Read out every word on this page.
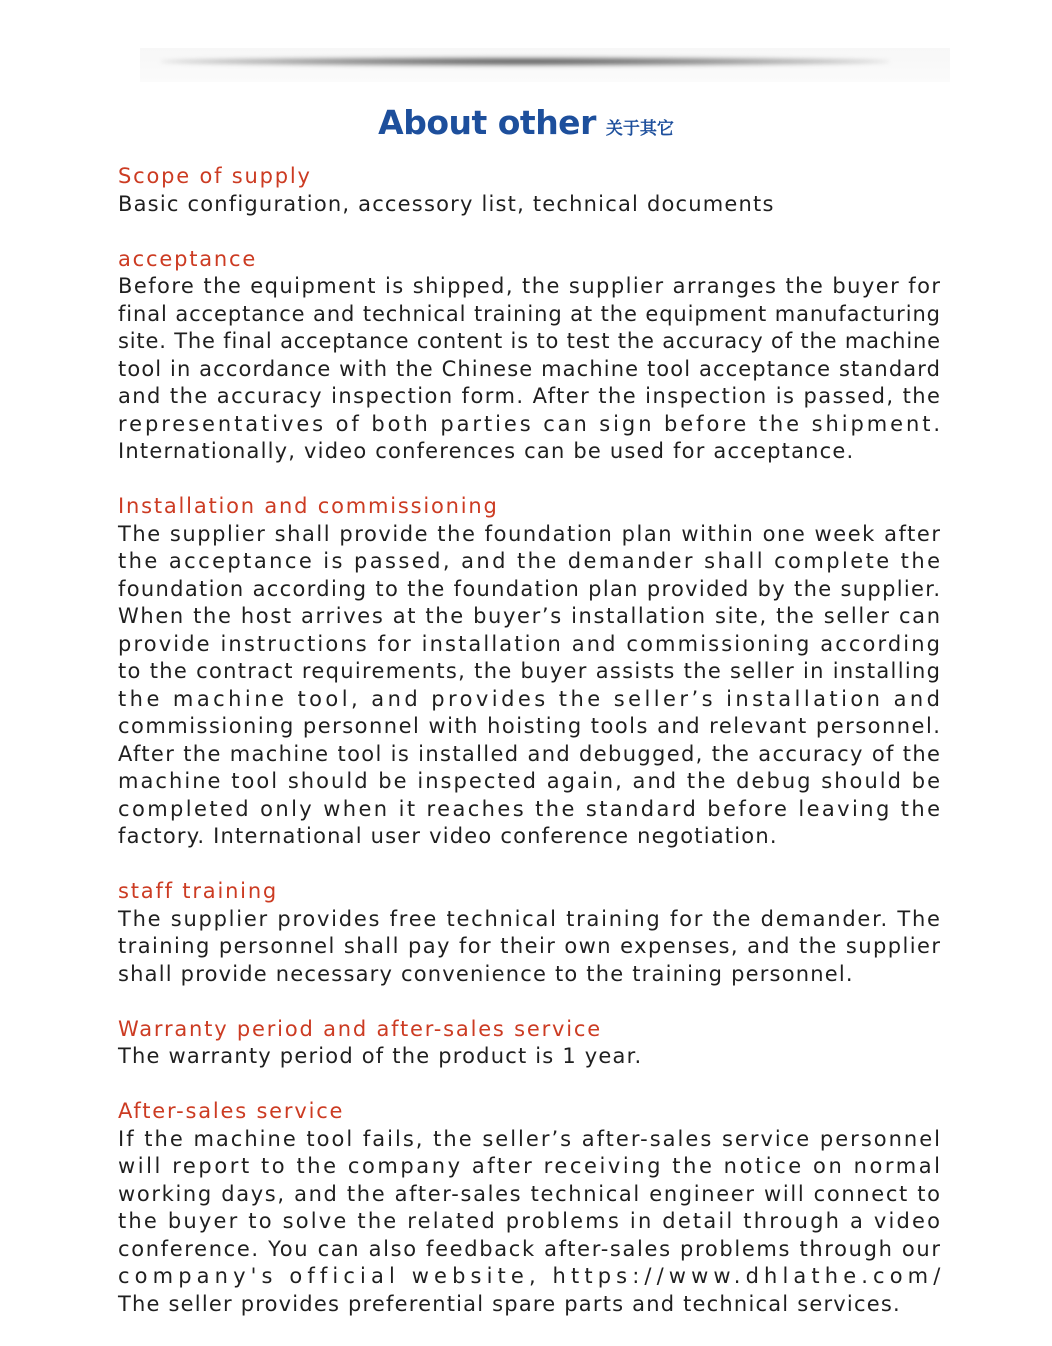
About other 关于其它
Scope of supply
Basic configuration, accessory list, technical documents
acceptance
Before the equipment is shipped, the supplier arranges the buyer for
final acceptance and technical training at the equipment manufacturing
site. The final acceptance content is to test the accuracy of the machine
tool in accordance with the Chinese machine tool acceptance standard
and the accuracy inspection form. After the inspection is passed, the
representatives of both parties can sign before the shipment.
Internationally, video conferences can be used for acceptance.
Installation and commissioning
The supplier shall provide the foundation plan within one week after
the acceptance is passed, and the demander shall complete the
foundation according to the foundation plan provided by the supplier.
When the host arrives at the buyer’s installation site, the seller can
provide instructions for installation and commissioning according
to the contract requirements, the buyer assists the seller in installing
the machine tool, and provides the seller’s installation and
commissioning personnel with hoisting tools and relevant personnel.
After the machine tool is installed and debugged, the accuracy of the
machine tool should be inspected again, and the debug should be
completed only when it reaches the standard before leaving the
factory. International user video conference negotiation.
staff training
The supplier provides free technical training for the demander. The
training personnel shall pay for their own expenses, and the supplier
shall provide necessary convenience to the training personnel.
Warranty period and after-sales service
The warranty period of the product is 1 year.
After-sales service
If the machine tool fails, the seller’s after-sales service personnel
will report to the company after receiving the notice on normal
working days, and the after-sales technical engineer will connect to
the buyer to solve the related problems in detail through a video
conference. You can also feedback after-sales problems through our
company's official website, https://www.dhlathe.com/
The seller provides preferential spare parts and technical services.
